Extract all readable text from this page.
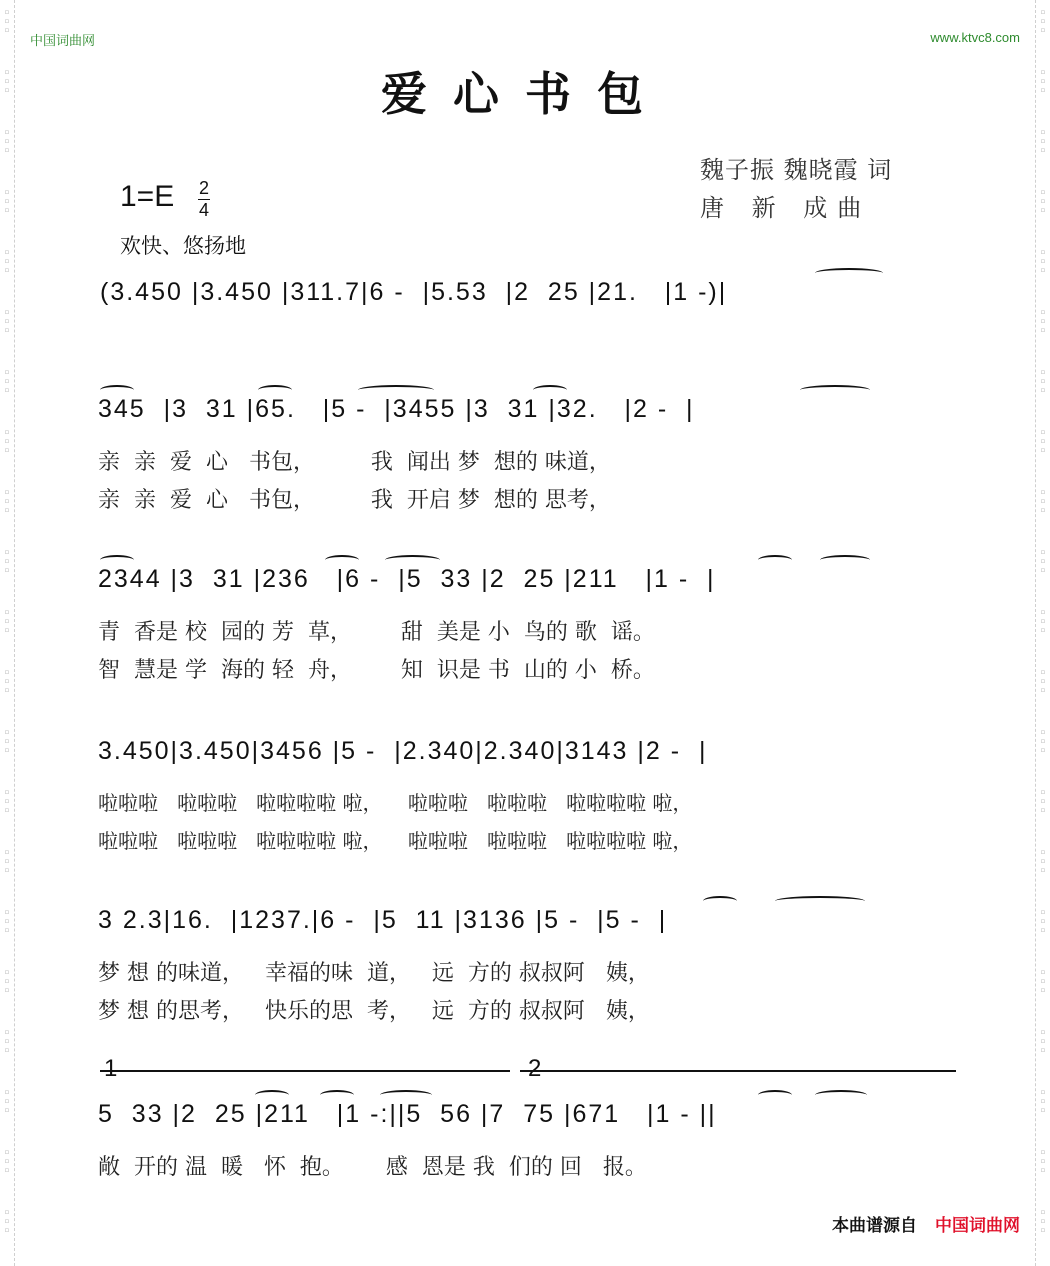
▫
▫
▫
▫
▫
▫
▫
▫
▫
▫
▫
▫
▫
▫
▫
▫
▫
▫
▫
▫
▫
▫
▫
▫
▫
▫
▫
▫
▫
▫
▫
▫
▫
▫
▫
▫
▫
▫
▫
▫
▫
▫
▫
▫
▫
▫
▫
▫
▫
▫
▫
▫
▫
▫
▫
▫
▫
▫
▫
▫
▫
▫
▫
▫
▫
▫
▫
▫
▫
▫
▫
▫
▫
▫
▫
▫
▫
▫
▫
▫
▫
▫
▫
▫
▫
▫
▫
▫
▫
▫
▫
▫
▫
▫
▫
▫
▫
▫
▫
▫
▫
▫
▫
▫
▫
▫
▫
▫
▫
▫
▫
▫
▫
▫
▫
▫
▫
▫
▫
▫
▫
▫
▫
▫
▫
▫
中国词曲网	www.ktvc8.com
爱心书包
魏子振 魏晓霞 词
唐 新 成曲
1=E 2
4
欢快、悠扬地
(3.450 |3.450 |311.7|6 -  |5.53  |2  25 |21.   |1 -)|
345  |3  31 |65.   |5 -  |3455 |3  31 |32.   |2 -  |
亲  亲  爱  心   书包，        我  闻出 梦  想的 味道，
亲  亲  爱  心   书包，        我  开启 梦  想的 思考，
2344 |3  31 |236   |6 -  |5  33 |2  25 |211   |1 -  |
青  香是 校  园的 芳  草，       甜  美是 小  鸟的 歌  谣。
智  慧是 学  海的 轻  舟，       知  识是 书  山的 小  桥。
3.450|3.450|3456 |5 -  |2.340|2.340|3143 |2 -  |
啦啦啦   啦啦啦   啦啦啦啦 啦，    啦啦啦   啦啦啦   啦啦啦啦 啦，
啦啦啦   啦啦啦   啦啦啦啦 啦，    啦啦啦   啦啦啦   啦啦啦啦 啦，
3 2.3|16.  |1237.|6 -  |5  11 |3136 |5 -  |5 -  |
梦 想 的味道，   幸福的味  道，   远  方的 叔叔阿   姨，
梦 想 的思考，   快乐的思  考，   远  方的 叔叔阿   姨，
1	2
5  33 |2  25 |211   |1 -:||5  56 |7  75 |671   |1 - ||
敞  开的 温  暖   怀  抱。      感  恩是 我  们的 回   报。
本曲谱源自 中国词曲网
